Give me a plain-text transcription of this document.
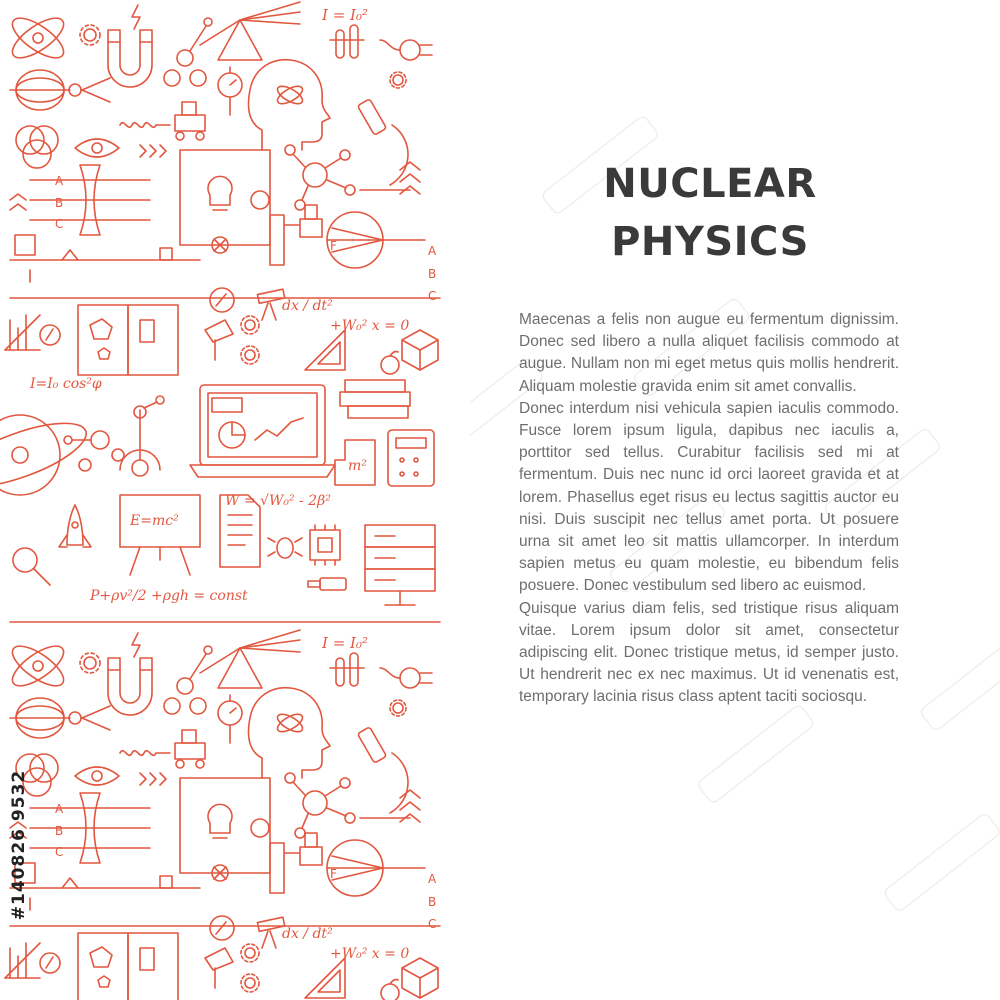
A
B
C
A
B
C
F
I = I₀²
I=I₀ cos²φ
E=mc²
m²
P+ρv²/2 +ρgh = const
W = √W₀² - 2β²
dx / dt²
+W₀² x = 0
#140826 9532
NUCLEAR
PHYSICS

Maecenas a felis non augue eu fermentum dignissim. Donec sed libero a nulla aliquet facilisis commodo at augue. Nullam non mi eget metus quis mollis hendrerit. Aliquam molestie gravida enim sit amet convallis.

Donec interdum nisi vehicula sapien iaculis commodo. Fusce lorem ipsum ligula, dapibus nec iaculis a, porttitor sed tellus. Curabitur facilisis sed mi at fermentum. Duis nec nunc id orci laoreet gravida et at lorem. Phasellus eget risus eu lectus sagittis auctor eu nisi. Duis suscipit nec tellus amet porta. Ut posuere urna sit amet leo sit mattis ullamcorper. In interdum sapien metus eu quam molestie, eu bibendum felis posuere. Donec vestibulum sed libero ac euismod.

Quisque varius diam felis, sed tristique risus aliquam vitae. Lorem ipsum dolor sit amet, consectetur adipiscing elit. Donec tristique metus, id semper justo. Ut hendrerit nec ex nec maximus. Ut id venenatis est, temporary lacinia risus class aptent taciti sociosqu.
